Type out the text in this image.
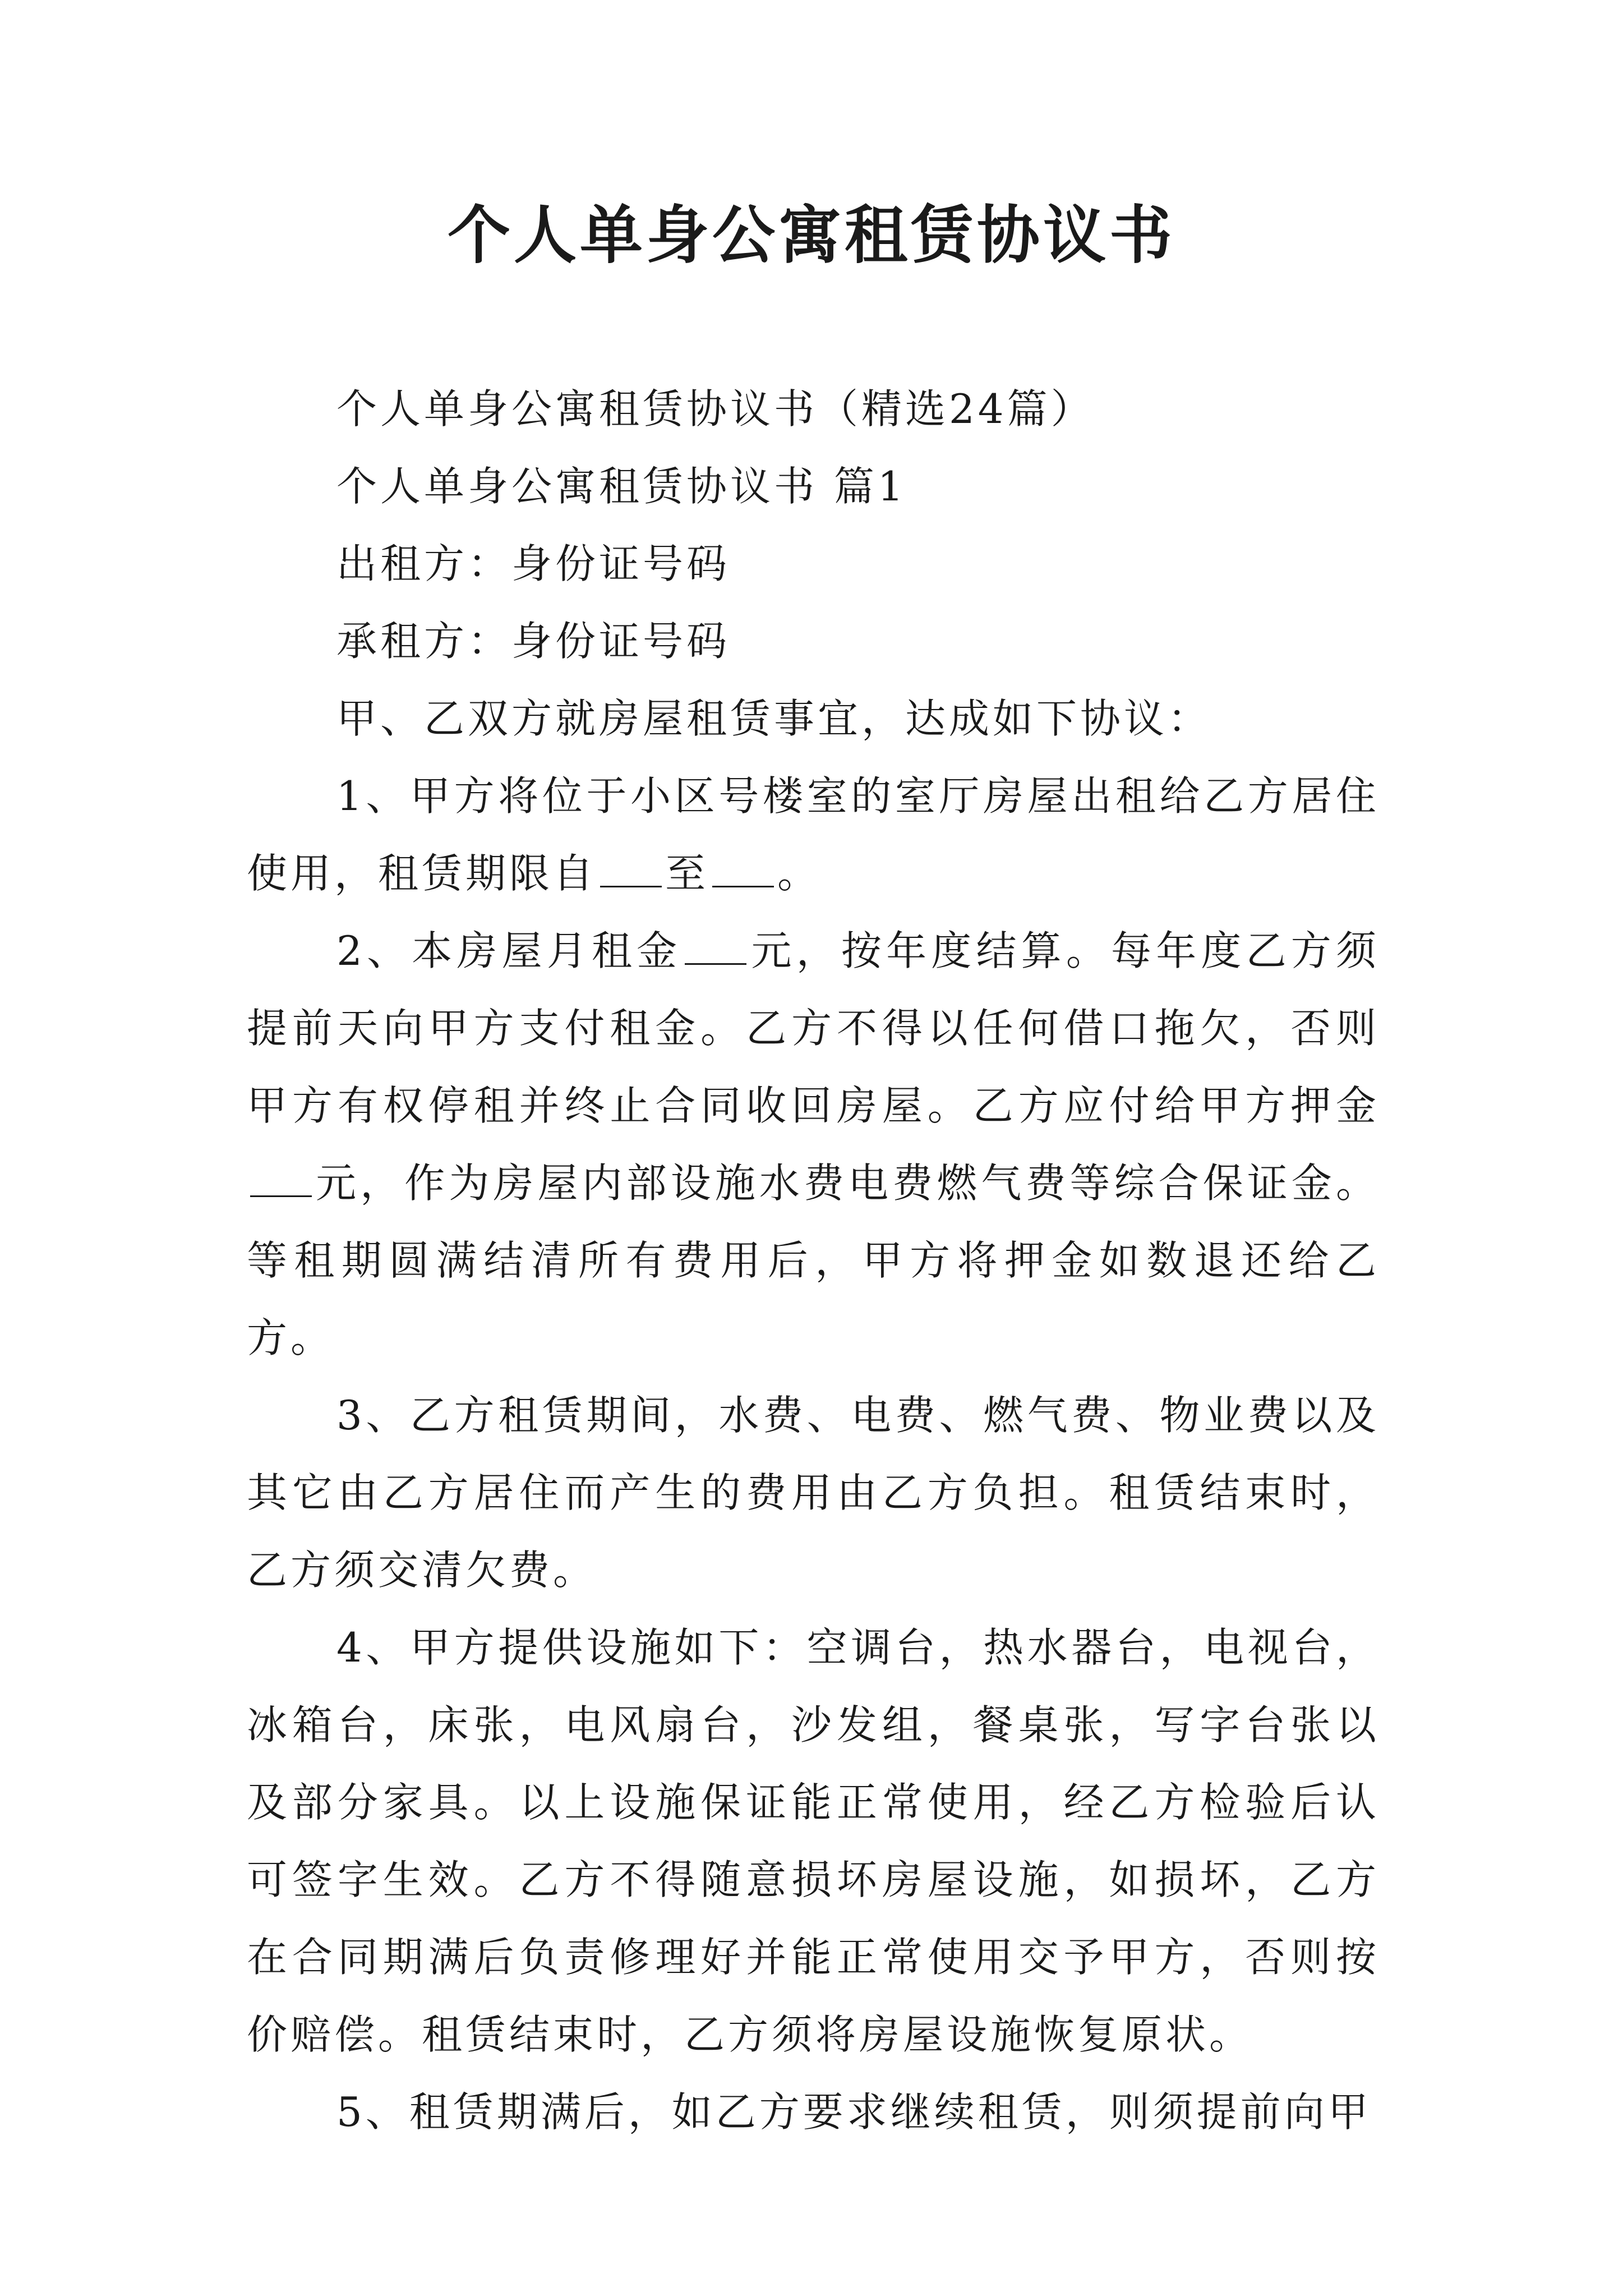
个人单身公寓租赁协议书

个人单身公寓租赁协议书（精选24篇）

个人单身公寓租赁协议书 篇1

出租方：身份证号码

承租方：身份证号码

甲、乙双方就房屋租赁事宜，达成如下协议：

1、甲方将位于小区号楼室的室厅房屋出租给乙方居住使用，租赁期限自 至 。

2、本房屋月租金 元，按年度结算。每年度乙方须提前天向甲方支付租金。乙方不得以任何借口拖欠，否则甲方有权停租并终止合同收回房屋。乙方应付给甲方押金元，作为房屋内部设施水费电费燃气费等综合保证金。等租期圆满结清所有费用后，甲方将押金如数退还给乙方。

3、乙方租赁期间，水费、电费、燃气费、物业费以及其它由乙方居住而产生的费用由乙方负担。租赁结束时，乙方须交清欠费。

4、甲方提供设施如下：空调台，热水器台，电视台，冰箱台，床张，电风扇台，沙发组，餐桌张，写字台张以及部分家具。以上设施保证能正常使用，经乙方检验后认可签字生效。乙方不得随意损坏房屋设施，如损坏，乙方在合同期满后负责修理好并能正常使用交予甲方，否则按价赔偿。租赁结束时，乙方须将房屋设施恢复原状。

5、租赁期满后，如乙方要求继续租赁，则须提前向甲
